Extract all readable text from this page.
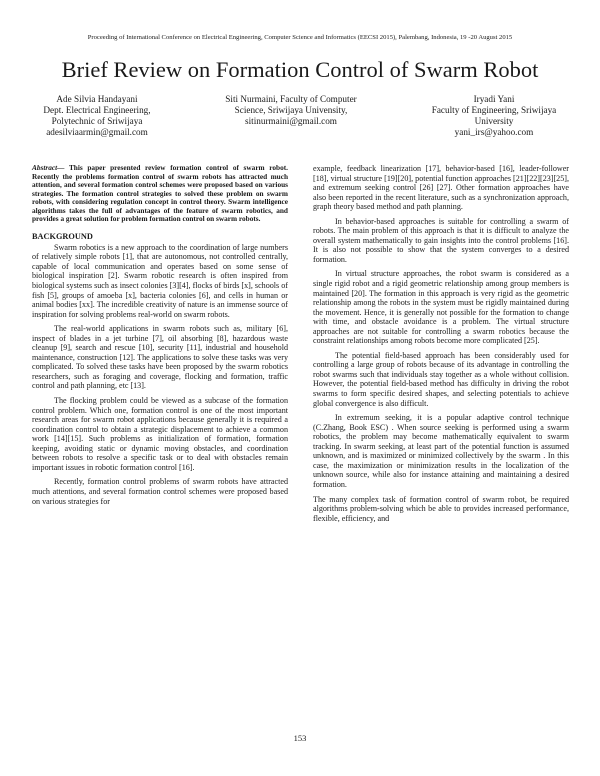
Proceeding of International Conference on Electrical Engineering, Computer Science and Informatics (EECSI 2015), Palembang, Indonesia, 19 -20 August 2015
Brief Review on Formation Control of Swarm Robot
Ade Silvia Handayani
Dept. Electrical Engineering,
Polytechnic of Sriwijaya
adesilviaarmin@gmail.com
Siti Nurmaini, Faculty of Computer
Science, Sriwijaya Univensity,
sitinurmaini@gmail.com
Iryadi Yani
Faculty of Engineering, Sriwijaya
University
yani_irs@yahoo.com

Abstract— This paper presented review formation control of swarm robot. Recently the problems formation control of swarm robots has attracted much attention, and several formation control schemes were proposed based on various strategies. The formation control strategies to solved these problem on swarm robots, with considering regulation concept in control theory. Swarm intelligence algorithms takes the full of advantages of the feature of swarm robotics, and provides a great solution for problem formation control on swarm robots.

BACKGROUND

Swarm robotics is a new approach to the coordination of large numbers of relatively simple robots [1], that are autonomous, not controlled centrally, capable of local communication and operates based on some sense of biological inspiration [2]. Swarm robotic research is often inspired from biological systems such as insect colonies [3][4], flocks of birds [x], schools of fish [5], groups of amoeba [x], bacteria colonies [6], and cells in human or animal bodies [xx]. The incredible creativity of nature is an immense source of inspiration for solving problems real-world on swarm robots.

The real-world applications in swarm robots such as, military [6], inspect of blades in a jet turbine [7], oil absorbing [8], hazardous waste cleanup [9], search and rescue [10], security [11], industrial and household maintenance, construction [12]. The applications to solve these tasks was very complicated. To solved these tasks have been proposed by the swarm robotics researchers, such as foraging and coverage, flocking and formation, traffic control and path planning, etc [13].

The flocking problem could be viewed as a subcase of the formation control problem. Which one, formation control is one of the most important research areas for swarm robot applications because generally it is required a coordination control to obtain a strategic displacement to achieve a common work [14][15]. Such problems as initialization of formation, formation keeping, avoiding static or dynamic moving obstacles, and coordination between robots to resolve a specific task or to deal with obstacles remain important issues in robotic formation control [16].

Recently, formation control problems of swarm robots have attracted much attentions, and several formation control schemes were proposed based on various strategies for

example, feedback linearization [17], behavior-based [16], leader-follower [18], virtual structure [19][20], potential function approaches [21][22][23][25], and extremum seeking control [26] [27]. Other formation approaches have also been reported in the recent literature, such as a synchronization approach, graph theory based method and path planning.

In behavior-based approaches is suitable for controlling a swarm of robots. The main problem of this approach is that it is difficult to analyze the overall system mathematically to gain insights into the control problems [16]. It is also not possible to show that the system converges to a desired formation.

In virtual structure approaches, the robot swarm is considered as a single rigid robot and a rigid geometric relationship among group members is maintained [20]. The formation in this approach is very rigid as the geometric relationship among the robots in the system must be rigidly maintained during the movement. Hence, it is generally not possible for the formation to change with time, and obstacle avoidance is a problem. The virtual structure approaches are not suitable for controlling a swarm robotics because the constraint relationships among robots become more complicated [25].

The potential field-based approach has been considerably used for controlling a large group of robots because of its advantage in controlling the robot swarms such that individuals stay together as a whole without collision. However, the potential field-based method has difficulty in driving the robot swarms to form specific desired shapes, and selecting potentials to achieve global convergence is also difficult.

In extremum seeking, it is a popular adaptive control technique (C.Zhang, Book ESC) . When source seeking is performed using a swarm robotics, the problem may become mathematically equivalent to swarm tracking. In swarm seeking, at least part of the potential function is assumed unknown, and is maximized or minimized collectively by the swarm . In this case, the maximization or minimization results in the localization of the unknown source, while also for instance attaining and maintaining a desired formation.

The many complex task of formation control of swarm robot, be required algorithms problem-solving which be able to provides increased performance, flexible, efficiency, and

153
